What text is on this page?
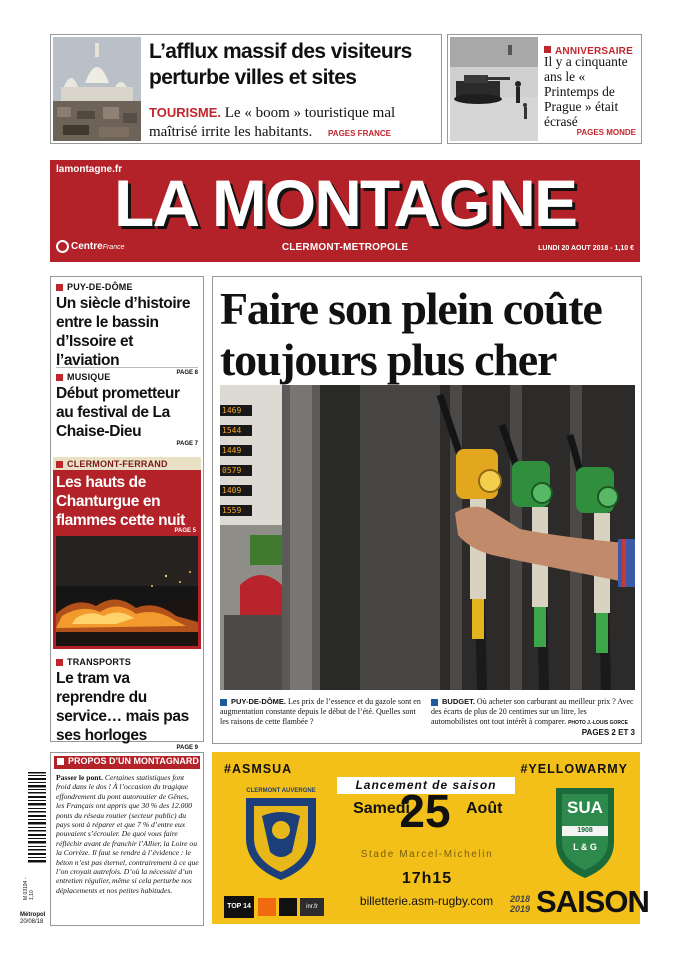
L’afflux massif des visiteurs perturbe villes et sites
TOURISME. Le « boom » touristique mal maîtrisé irrite les habitants. PAGES FRANCE
ANNIVERSAIRE
Il y a cinquante ans le « Printemps de Prague » était écrasé
PAGES MONDE
lamontagne.fr
LA MONTAGNE
CentreFrance	CLERMONT-METROPOLE	LUNDI 20 AOUT 2018 - 1,10 €
PUY-DE-DÔME
Un siècle d’histoire entre le bassin d’Issoire et l’aviation
PAGE 8
MUSIQUE
Début prometteur au festival de La Chaise-Dieu
PAGE 7
CLERMONT-FERRAND
Les hauts de Chanturgue en flammes cette nuit
PAGE 5
TRANSPORTS
Le tram va reprendre du service… mais pas ses horloges
PAGE 9
Faire son plein coûte
toujours plus cher
1469
1544
1449
0579
1409
1559
PUY-DE-DÔME. Les prix de l’essence et du gazole sont en augmentation constante depuis le début de l’été. Quelles sont les raisons de cette flambée ?
BUDGET. Où acheter son carburant au meilleur prix ? Avec des écarts de plus de 20 centimes sur un litre, les automobilistes ont tout intérêt à comparer. PHOTO J.-LOUIS GORCE
PAGES 2 ET 3
M 03194 - 1,10
Métropol
20/08/18
PROPOS D’UN MONTAGNARD
Passer le pont. Certaines statistiques font froid dans le dos ! À l’occasion du tragique effondrement du pont autoroutier de Gênes, les Français ont appris que 30 % des 12.000 ponts du réseau routier (secteur public) du pays sont à réparer et que 7 % d’entre eux pouvaient s’écrouler. De quoi vous faire réfléchir avant de franchir l’Allier, la Loire ou la Corrèze. Il faut se rendre à l’évidence : le béton n’est pas éternel, contrairement à ce que l’on croyait autrefois. D’où la nécessité d’un entretien régulier, même si cela perturbe nos déplacements et nos petites habitudes.
#ASMSUA	#YELLOWARMY
CLERMONT AUVERGNE	Lancement de saison
Samedi
25 Août
Stade Marcel-Michelin
17h15
billetterie.asm-rugby.com
SUA
1908
L & G
TOP 14	inr.fr
2018
2019 SAISON
